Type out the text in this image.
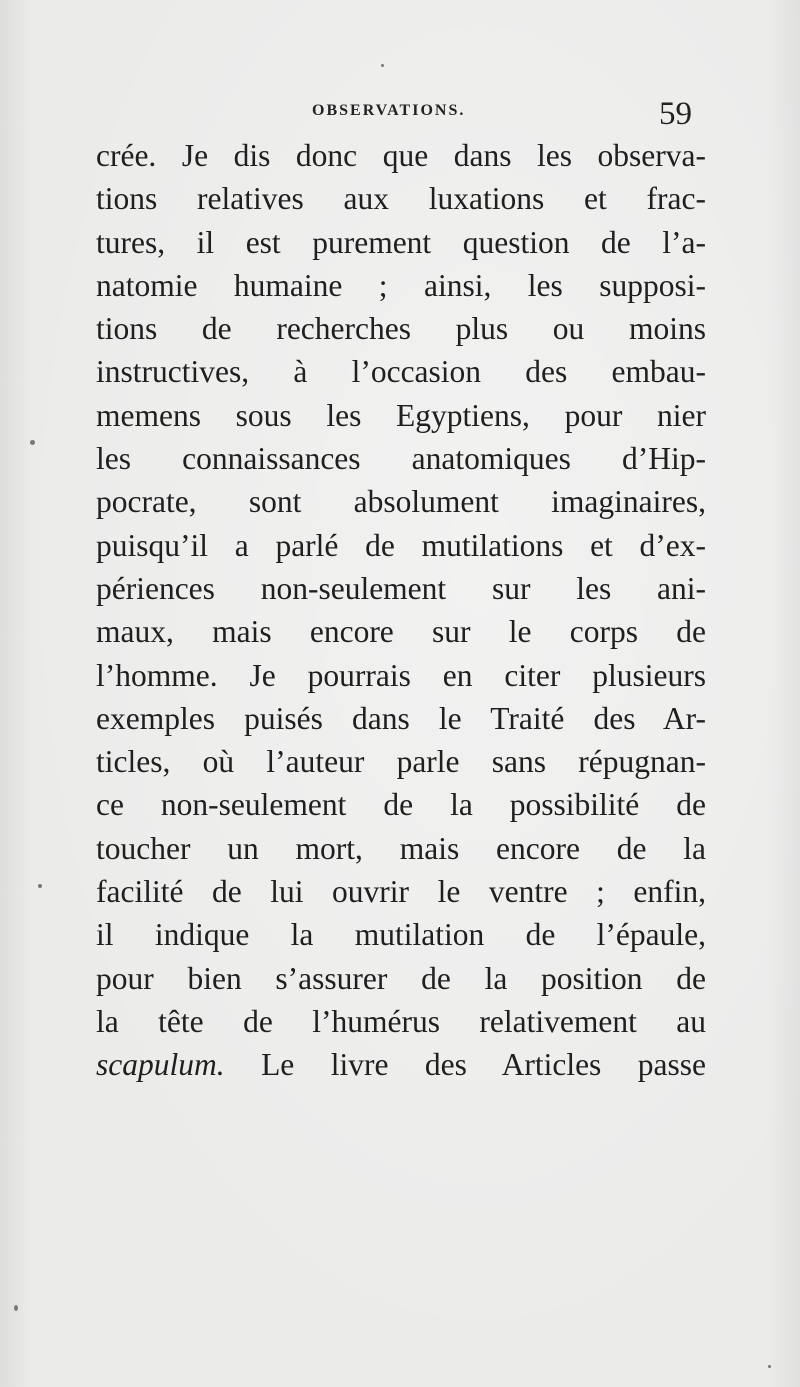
OBSERVATIONS.	59
crée. Je dis donc que dans les observa-
tions relatives aux luxations et frac-
tures, il est purement question de l’a-
natomie humaine ; ainsi, les supposi-
tions de recherches plus ou moins
instructives, à l’occasion des embau-
memens sous les Egyptiens, pour nier
les connaissances anatomiques d’Hip-
pocrate, sont absolument imaginaires,
puisqu’il a parlé de mutilations et d’ex-
périences non-seulement sur les ani-
maux, mais encore sur le corps de
l’homme. Je pourrais en citer plusieurs
exemples puisés dans le Traité des Ar-
ticles, où l’auteur parle sans répugnan-
ce non-seulement de la possibilité de
toucher un mort, mais encore de la
facilité de lui ouvrir le ventre ; enfin,
il indique la mutilation de l’épaule,
pour bien s’assurer de la position de
la tête de l’humérus relativement au
scapulum. Le livre des Articles passe
